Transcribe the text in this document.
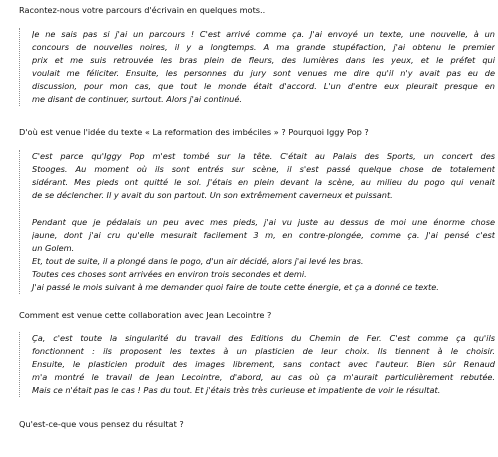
Racontez-nous votre parcours d'écrivain en quelques mots..

Je ne sais pas si j'ai un parcours ! C'est arrivé comme ça. J'ai envoyé un texte, une nouvelle, à un
concours de nouvelles noires, il y a longtemps. A ma grande stupéfaction, j'ai obtenu le premier
prix et me suis retrouvée les bras plein de fleurs, des lumières dans les yeux, et le préfet qui
voulait me féliciter. Ensuite, les personnes du jury sont venues me dire qu'il n'y avait pas eu de
discussion, pour mon cas, que tout le monde était d'accord. L'un d'entre eux pleurait presque en
me disant de continuer, surtout. Alors j'ai continué.

D'où est venue l'idée du texte « La reformation des imbéciles » ? Pourquoi Iggy Pop ?

C'est parce qu'Iggy Pop m'est tombé sur la tête. C'était au Palais des Sports, un concert des
Stooges. Au moment où ils sont entrés sur scène, il s'est passé quelque chose de totalement
sidérant. Mes pieds ont quitté le sol. J'étais en plein devant la scène, au milieu du pogo qui venait
de se déclencher. Il y avait du son partout. Un son extrêmement caverneux et puissant.
Pendant que je pédalais un peu avec mes pieds, j'ai vu juste au dessus de moi une énorme chose
jaune, dont j'ai cru qu'elle mesurait facilement 3 m, en contre-plongée, comme ça. J'ai pensé c'est
un Golem.
Et, tout de suite, il a plongé dans le pogo, d'un air décidé, alors j'ai levé les bras.
Toutes ces choses sont arrivées en environ trois secondes et demi.
J'ai passé le mois suivant à me demander quoi faire de toute cette énergie, et ça a donné ce texte.

Comment est venue cette collaboration avec Jean Lecointre ?

Ça, c'est toute la singularité du travail des Editions du Chemin de Fer. C'est comme ça qu'ils
fonctionnent : ils proposent les textes à un plasticien de leur choix. Ils tiennent à le choisir.
Ensuite, le plasticien produit des images librement, sans contact avec l'auteur. Bien sûr Renaud
m'a montré le travail de Jean Lecointre, d'abord, au cas où ça m'aurait particulièrement rebutée.
Mais ce n'était pas le cas ! Pas du tout. Et j'étais très très curieuse et impatiente de voir le résultat.

Qu'est-ce-que vous pensez du résultat ?
